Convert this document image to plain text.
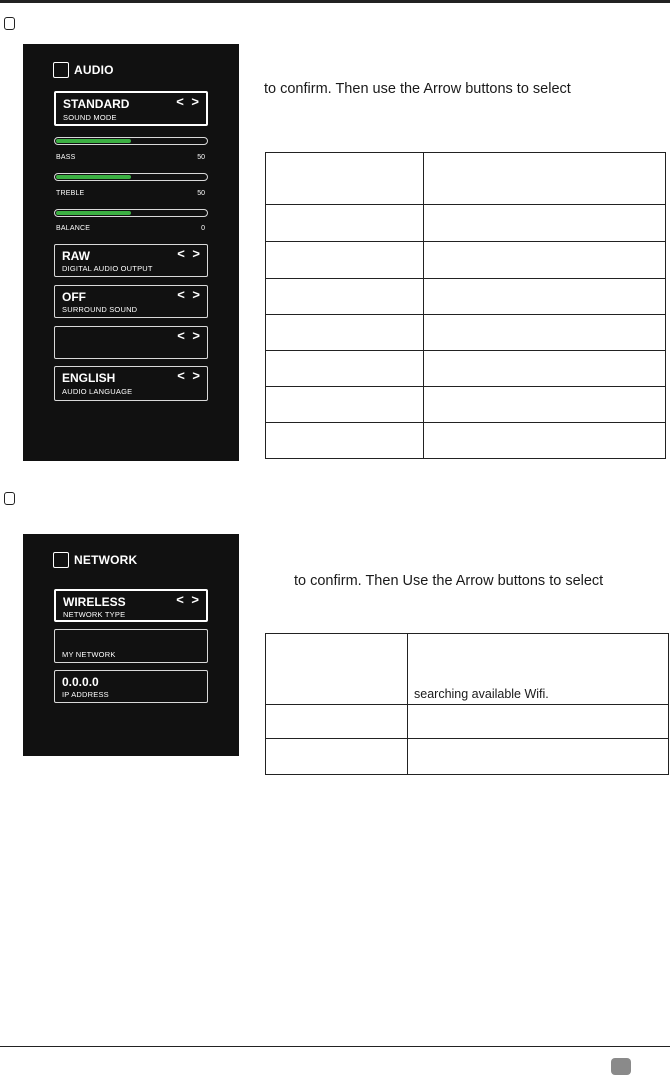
AUDIO
STANDARD	< >
SOUND MODE
BASS	50
TREBLE	50
BALANCE	0
RAW	< >
DIGITAL AUDIO OUTPUT
OFF	< >
SURROUND SOUND
< >
ENGLISH	< >
AUDIO LANGUAGE
to confirm. Then use the Arrow buttons to select

NETWORK
WIRELESS	< >
NETWORK TYPE
MY NETWORK
0.0.0.0
IP ADDRESS
to confirm. Then Use the Arrow buttons to select
	searching available Wifi.
